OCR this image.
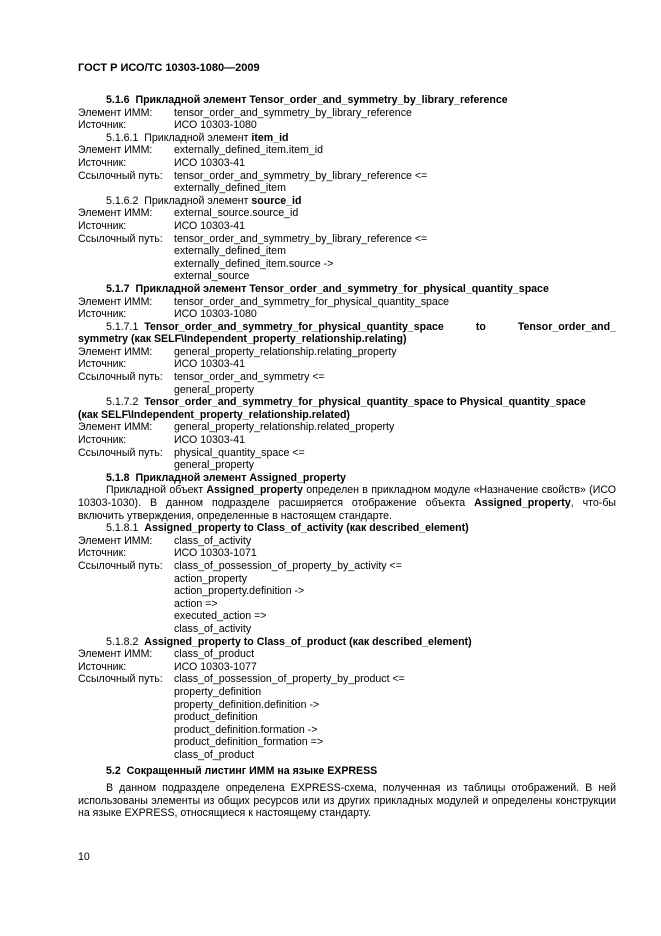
ГОСТ Р ИСО/ТС 10303-1080—2009
5.1.6 Прикладной элемент Tensor_order_and_symmetry_by_library_reference
Элемент ИММ:	tensor_order_and_symmetry_by_library_reference
Источник:	ИСО 10303-1080
5.1.6.1 Прикладной элемент item_id
Элемент ИММ:	externally_defined_item.item_id
Источник:	ИСО 10303-41
Ссылочный путь:	tensor_order_and_symmetry_by_library_reference <=
externally_defined_item
5.1.6.2 Прикладной элемент source_id
Элемент ИММ:	external_source.source_id
Источник:	ИСО 10303-41
Ссылочный путь:	tensor_order_and_symmetry_by_library_reference <=
externally_defined_item
externally_defined_item.source ->
external_source
5.1.7 Прикладной элемент Tensor_order_and_symmetry_for_physical_quantity_space
Элемент ИММ:	tensor_order_and_symmetry_for_physical_quantity_space
Источник:	ИСО 10303-1080
5.1.7.1 Tensor_order_and_symmetry_for_physical_quantity_space	to	Tensor_order_and_
symmetry (как SELF\Independent_property_relationship.relating)
Элемент ИММ:	general_property_relationship.relating_property
Источник:	ИСО 10303-41
Ссылочный путь:	tensor_order_and_symmetry <=
general_property
5.1.7.2 Tensor_order_and_symmetry_for_physical_quantity_space to Physical_quantity_space
(как SELF\Independent_property_relationship.related)
Элемент ИММ:	general_property_relationship.related_property
Источник:	ИСО 10303-41
Ссылочный путь:	physical_quantity_space <=
general_property
5.1.8 Прикладной элемент Assigned_property
Прикладной объект Assigned_property определен в прикладном модуле «Назначение свойств» (ИСО 10303-1030). В данном подразделе расширяется отображение объекта Assigned_property, что-бы включить утверждения, определенные в настоящем стандарте.
5.1.8.1 Assigned_property to Class_of_activity (как described_element)
Элемент ИММ:	class_of_activity
Источник:	ИСО 10303-1071
Ссылочный путь:	class_of_possession_of_property_by_activity <=
action_property
action_property.definition ->
action =>
executed_action =>
class_of_activity
5.1.8.2 Assigned_property to Class_of_product (как described_element)
Элемент ИММ:	class_of_product
Источник:	ИСО 10303-1077
Ссылочный путь:	class_of_possession_of_property_by_product <=
property_definition
property_definition.definition ->
product_definition
product_definition.formation ->
product_definition_formation =>
class_of_product
5.2 Сокращенный листинг ИММ на языке EXPRESS
В данном подразделе определена EXPRESS-схема, полученная из таблицы отображений. В ней использованы элементы из общих ресурсов или из других прикладных модулей и определены конструкции на языке EXPRESS, относящиеся к настоящему стандарту.
10
